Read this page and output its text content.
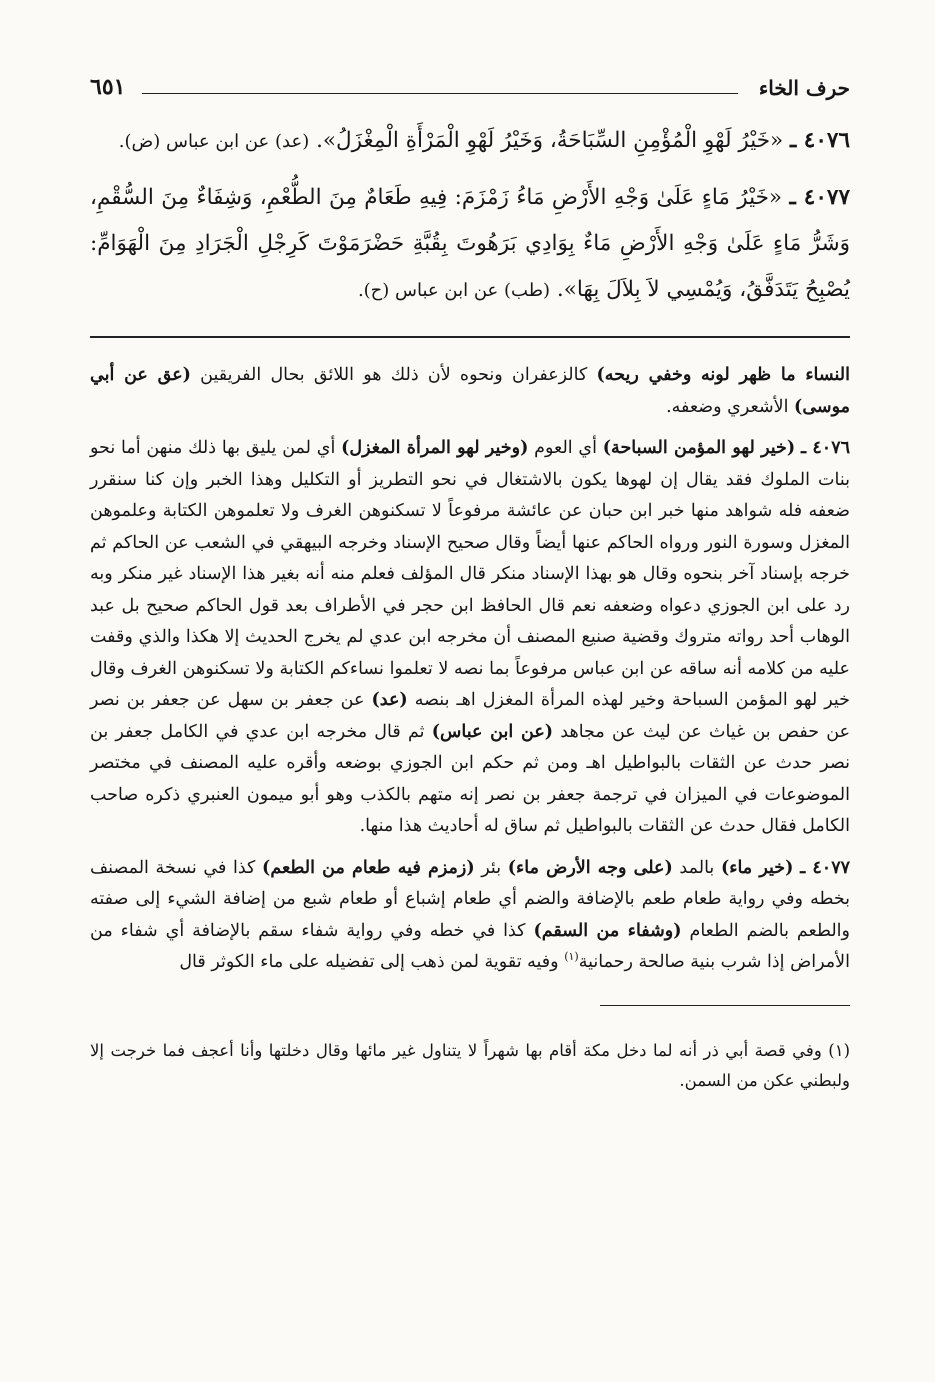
حرف الخاء
٦٥١

٤٠٧٦ ـ «خَيْرُ لَهْوِ الْمُؤْمِنِ السِّبَاحَةُ، وَخَيْرُ لَهْوِ الْمَرْأَةِ الْمِغْزَلُ». (عد) عن ابن عباس (ض).

٤٠٧٧ ـ «خَيْرُ مَاءٍ عَلَىٰ وَجْهِ الأَرْضِ مَاءُ زَمْزَمَ: فِيهِ طَعَامٌ مِنَ الطُّعْمِ، وَشِفَاءٌ مِنَ السُّقْمِ، وَشَرُّ مَاءٍ عَلَىٰ وَجْهِ الأَرْضِ مَاءٌ بِوَادِي بَرَهُوتَ بِقُبَّةِ حَضْرَمَوْتَ كَرِجْلِ الْجَرَادِ مِنَ الْهَوَامِّ: يُصْبِحُ يَتَدَفَّقُ، وَيُمْسِي لاَ بِلاَلَ بِهَا». (طب) عن ابن عباس (ح).

النساء ما ظهر لونه وخفي ريحه) كالزعفران ونحوه لأن ذلك هو اللائق بحال الفريقين (عق عن أبي موسى) الأشعري وضعفه.

٤٠٧٦ ـ (خير لهو المؤمن السباحة) أي العوم (وخير لهو المرأة المغزل) أي لمن يليق بها ذلك منهن أما نحو بنات الملوك فقد يقال إن لهوها يكون بالاشتغال في نحو التطريز أو التكليل وهذا الخبر وإن كنا سنقرر ضعفه فله شواهد منها خبر ابن حبان عن عائشة مرفوعاً لا تسكنوهن الغرف ولا تعلموهن الكتابة وعلموهن المغزل وسورة النور ورواه الحاكم عنها أيضاً وقال صحيح الإسناد وخرجه البيهقي في الشعب عن الحاكم ثم خرجه بإسناد آخر بنحوه وقال هو بهذا الإسناد منكر قال المؤلف فعلم منه أنه بغير هذا الإسناد غير منكر وبه رد على ابن الجوزي دعواه وضعفه نعم قال الحافظ ابن حجر في الأطراف بعد قول الحاكم صحيح بل عبد الوهاب أحد رواته متروك وقضية صنيع المصنف أن مخرجه ابن عدي لم يخرج الحديث إلا هكذا والذي وقفت عليه من كلامه أنه ساقه عن ابن عباس مرفوعاً بما نصه لا تعلموا نساءكم الكتابة ولا تسكنوهن الغرف وقال خير لهو المؤمن السباحة وخير لهذه المرأة المغزل اهـ بنصه (عد) عن جعفر بن سهل عن جعفر بن نصر عن حفص بن غياث عن ليث عن مجاهد (عن ابن عباس) ثم قال مخرجه ابن عدي في الكامل جعفر بن نصر حدث عن الثقات بالبواطيل اهـ ومن ثم حكم ابن الجوزي بوضعه وأقره عليه المصنف في مختصر الموضوعات في الميزان في ترجمة جعفر بن نصر إنه متهم بالكذب وهو أبو ميمون العنبري ذكره صاحب الكامل فقال حدث عن الثقات بالبواطيل ثم ساق له أحاديث هذا منها.

٤٠٧٧ ـ (خير ماء) بالمد (على وجه الأرض ماء) بئر (زمزم فيه طعام من الطعم) كذا في نسخة المصنف بخطه وفي رواية طعام طعم بالإضافة والضم أي طعام إشباع أو طعام شبع من إضافة الشيء إلى صفته والطعم بالضم الطعام (وشفاء من السقم) كذا في خطه وفي رواية شفاء سقم بالإضافة أي شفاء من الأمراض إذا شرب بنية صالحة رحمانية$^{(١)}$ وفيه تقوية لمن ذهب إلى تفضيله على ماء الكوثر قال

(١) وفي قصة أبي ذر أنه لما دخل مكة أقام بها شهراً لا يتناول غير مائها وقال دخلتها وأنا أعجف فما خرجت إلا ولبطني عكن من السمن.
